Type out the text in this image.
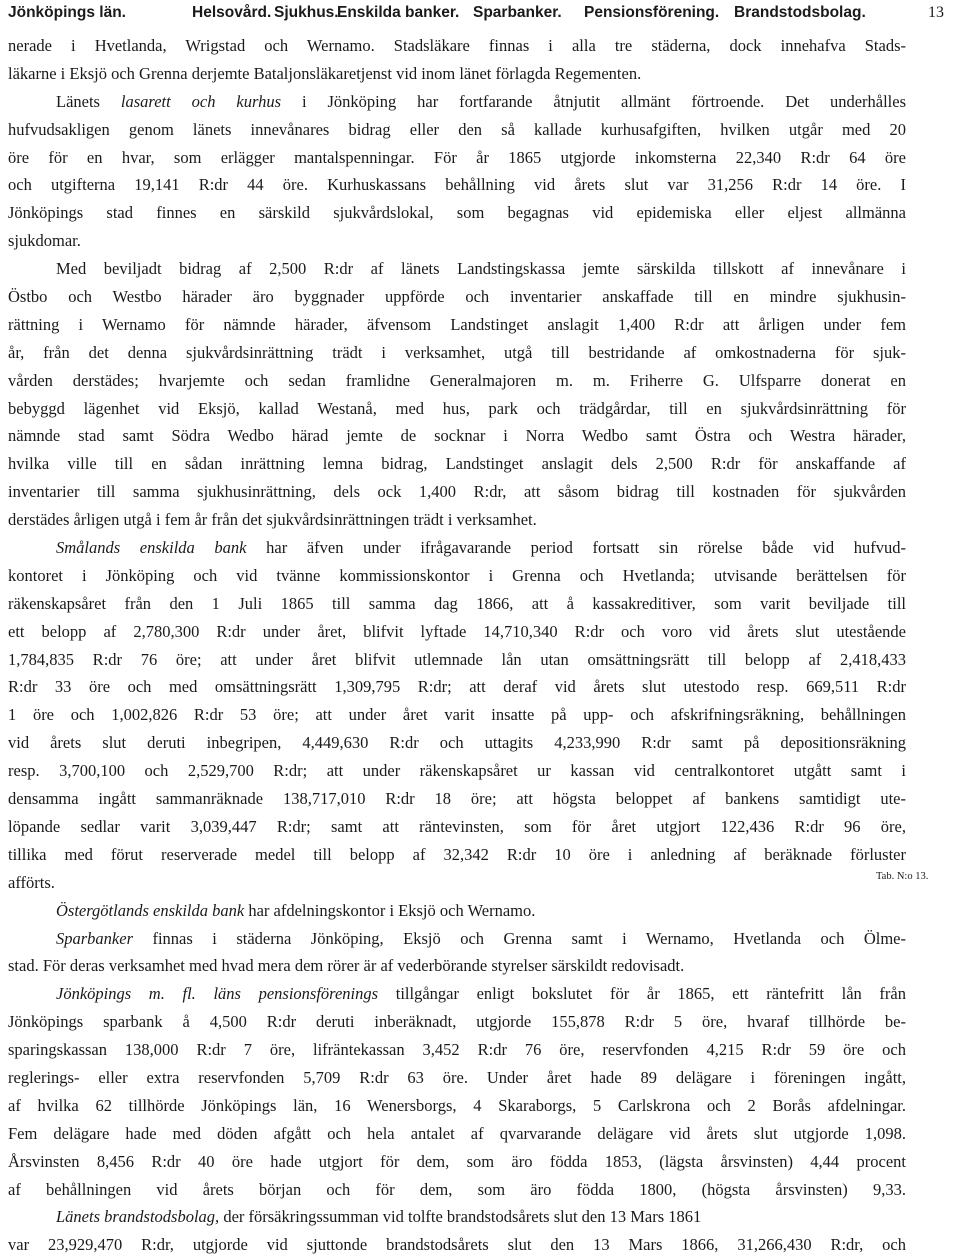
Jönköpings län.	Helsovård. Sjukhus.
Enskilda banker. Sparbanker. Pensionsförening. Brandstodsbolag.	13
nerade i Hvetlanda, Wrigstad och Wernamo. Stadsläkare finnas i alla tre städerna, dock innehafva Stads-
läkarne i Eksjö och Grenna derjemte Bataljonsläkaretjenst vid inom länet förlagda Regementen.
Länets lasarett och kurhus i Jönköping har fortfarande åtnjutit allmänt förtroende. Det underhålles
hufvudsakligen genom länets innevånares bidrag eller den så kallade kurhusafgiften, hvilken utgår med 20
öre för en hvar, som erlägger mantalspenningar. För år 1865 utgjorde inkomsterna 22,340 R:dr 64 öre
och utgifterna 19,141 R:dr 44 öre. Kurhuskassans behållning vid årets slut var 31,256 R:dr 14 öre. I
Jönköpings stad finnes en särskild sjukvårdslokal, som begagnas vid epidemiska eller eljest allmänna
sjukdomar.
Med beviljadt bidrag af 2,500 R:dr af länets Landstingskassa jemte särskilda tillskott af innevånare i
Östbo och Westbo härader äro byggnader uppförde och inventarier anskaffade till en mindre sjukhusin-
rättning i Wernamo för nämnde härader, äfvensom Landstinget anslagit 1,400 R:dr att årligen under fem
år, från det denna sjukvårdsinrättning trädt i verksamhet, utgå till bestridande af omkostnaderna för sjuk-
vården derstädes; hvarjemte och sedan framlidne Generalmajoren m. m. Friherre G. Ulfsparre donerat en
bebyggd lägenhet vid Eksjö, kallad Westanå, med hus, park och trädgårdar, till en sjukvårdsinrättning för
nämnde stad samt Södra Wedbo härad jemte de socknar i Norra Wedbo samt Östra och Westra härader,
hvilka ville till en sådan inrättning lemna bidrag, Landstinget anslagit dels 2,500 R:dr för anskaffande af
inventarier till samma sjukhusinrättning, dels ock 1,400 R:dr, att såsom bidrag till kostnaden för sjukvården
derstädes årligen utgå i fem år från det sjukvårdsinrättningen trädt i verksamhet.
Smålands enskilda bank har äfven under ifrågavarande period fortsatt sin rörelse både vid hufvud-
kontoret i Jönköping och vid tvänne kommissionskontor i Grenna och Hvetlanda; utvisande berättelsen för
räkenskapsåret från den 1 Juli 1865 till samma dag 1866, att å kassakreditiver, som varit beviljade till
ett belopp af 2,780,300 R:dr under året, blifvit lyftade 14,710,340 R:dr och voro vid årets slut utestående
1,784,835 R:dr 76 öre; att under året blifvit utlemnade lån utan omsättningsrätt till belopp af 2,418,433
R:dr 33 öre och med omsättningsrätt 1,309,795 R:dr; att deraf vid årets slut utestodo resp. 669,511 R:dr
1 öre och 1,002,826 R:dr 53 öre; att under året varit insatte på upp- och afskrifningsräkning, behållningen
vid årets slut deruti inbegripen, 4,449,630 R:dr och uttagits 4,233,990 R:dr samt på depositionsräkning
resp. 3,700,100 och 2,529,700 R:dr; att under räkenskapsåret ur kassan vid centralkontoret utgått samt i
densamma ingått sammanräknade 138,717,010 R:dr 18 öre; att högsta beloppet af bankens samtidigt ute-
löpande sedlar varit 3,039,447 R:dr; samt att räntevinsten, som för året utgjort 122,436 R:dr 96 öre,
tillika med förut reserverade medel till belopp af 32,342 R:dr 10 öre i anledning af beräknade förluster
afförts.
Östergötlands enskilda bank har afdelningskontor i Eksjö och Wernamo.
Sparbanker finnas i städerna Jönköping, Eksjö och Grenna samt i Wernamo, Hvetlanda och Ölme-
stad. För deras verksamhet med hvad mera dem rörer är af vederbörande styrelser särskildt redovisadt.
Jönköpings m. fl. läns pensionsförenings tillgångar enligt bokslutet för år 1865, ett räntefritt lån från
Jönköpings sparbank å 4,500 R:dr deruti inberäknadt, utgjorde 155,878 R:dr 5 öre, hvaraf tillhörde be-
sparingskassan 138,000 R:dr 7 öre, lifräntekassan 3,452 R:dr 76 öre, reservfonden 4,215 R:dr 59 öre och
reglerings- eller extra reservfonden 5,709 R:dr 63 öre. Under året hade 89 delägare i föreningen ingått,
af hvilka 62 tillhörde Jönköpings län, 16 Wenersborgs, 4 Skaraborgs, 5 Carlskrona och 2 Borås afdelningar.
Fem delägare hade med döden afgått och hela antalet af qvarvarande delägare vid årets slut utgjorde 1,098.
Årsvinsten 8,456 R:dr 40 öre hade utgjort för dem, som äro födda 1853, (lägsta årsvinsten) 4,44 procent
af behållningen vid årets början och för dem, som äro födda 1800, (högsta årsvinsten) 9,33.
Länets brandstodsbolag, der försäkringssumman vid tolfte brandstodsårets slut den 13 Mars 1861
var 23,929,470 R:dr, utgjorde vid sjuttonde brandstodsårets slut den 13 Mars 1866, 31,266,430 R:dr, och
Tab. N:o 13.
